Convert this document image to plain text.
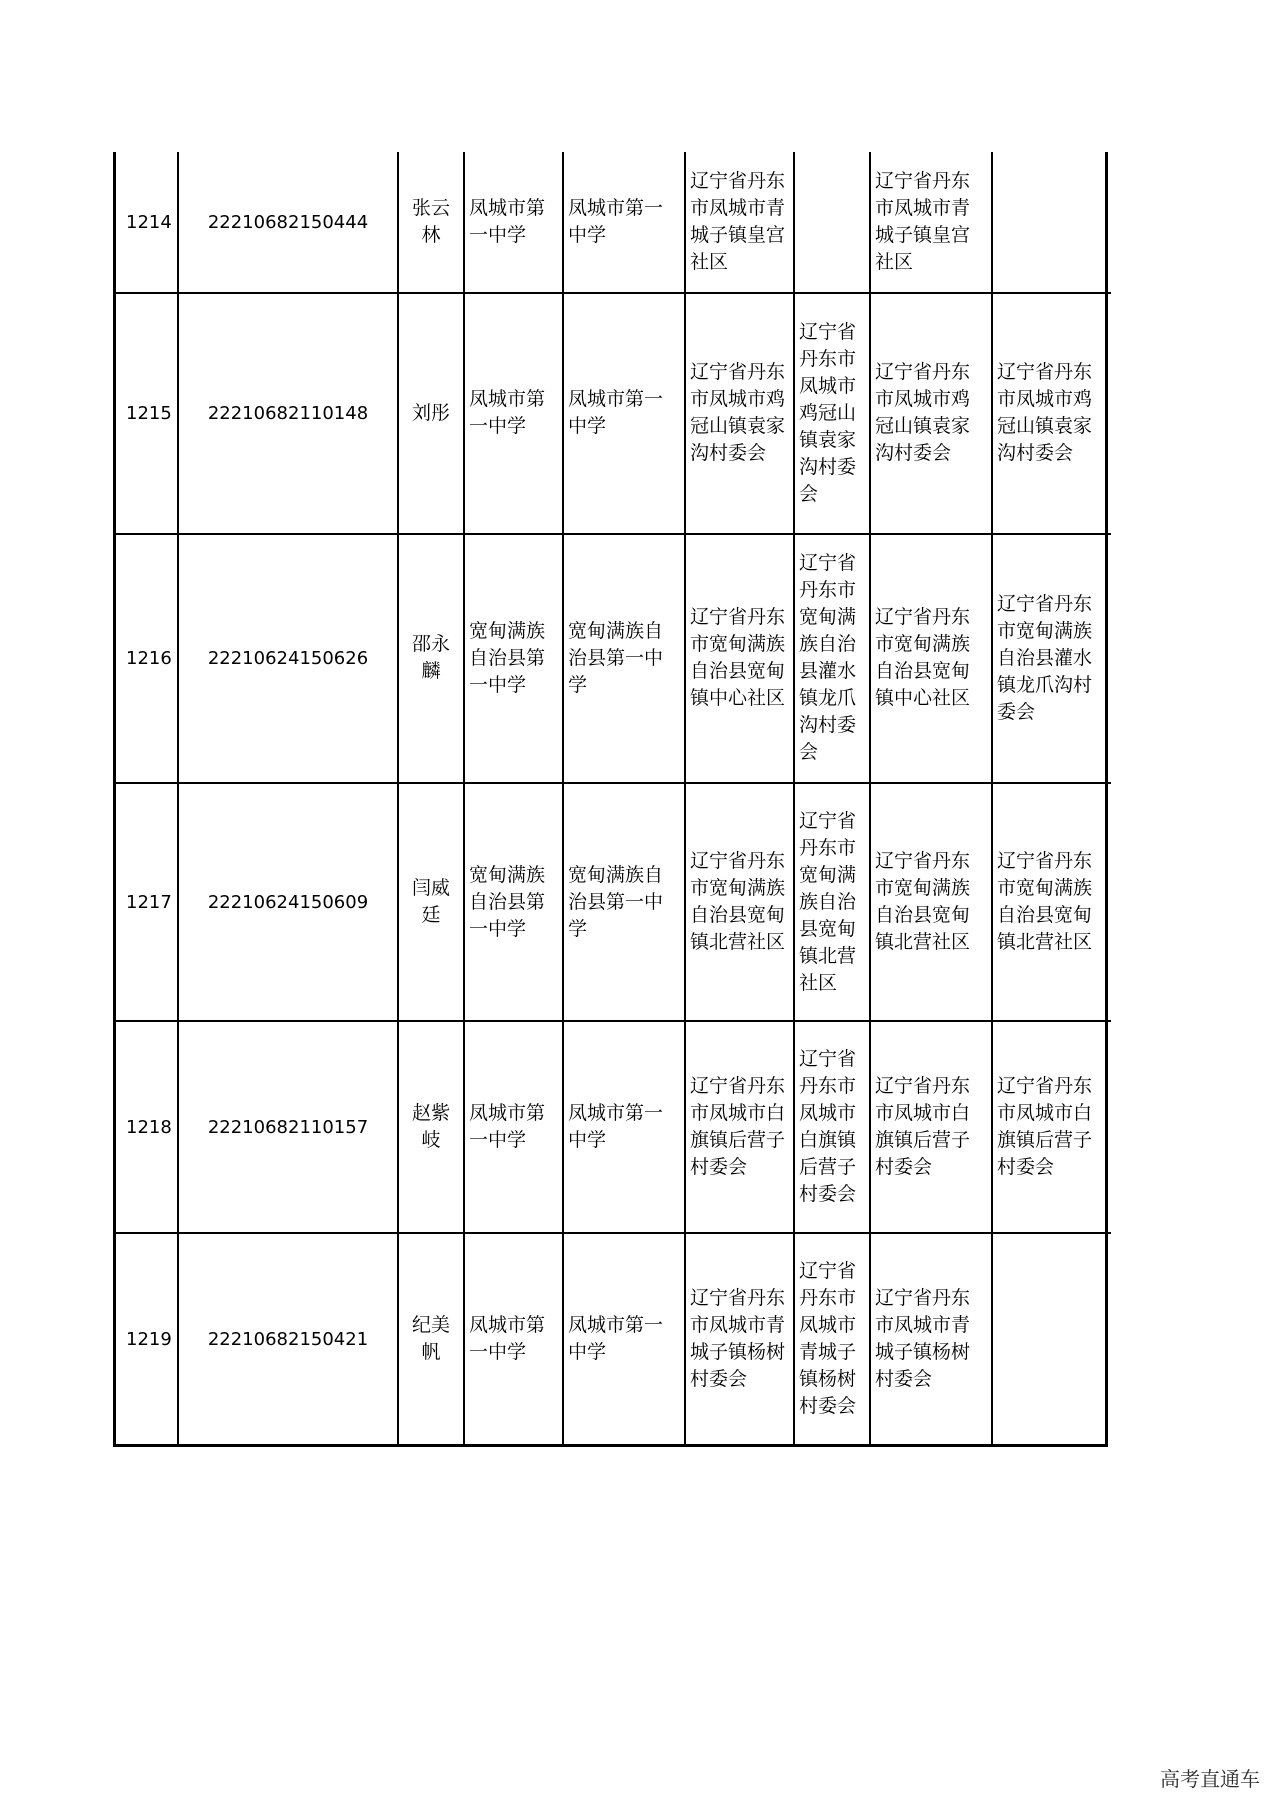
1214	22210682150444	张云林	凤城市第一中学	凤城市第一中学	辽宁省丹东市凤城市青城子镇皇宫社区		辽宁省丹东市凤城市青城子镇皇宫社区	
1215	22210682110148	刘彤	凤城市第一中学	凤城市第一中学	辽宁省丹东市凤城市鸡冠山镇袁家沟村委会	辽宁省丹东市凤城市鸡冠山镇袁家沟村委会	辽宁省丹东市凤城市鸡冠山镇袁家沟村委会	辽宁省丹东市凤城市鸡冠山镇袁家沟村委会
1216	22210624150626	邵永麟	宽甸满族自治县第一中学	宽甸满族自治县第一中学	辽宁省丹东市宽甸满族自治县宽甸镇中心社区	辽宁省丹东市宽甸满族自治县灌水镇龙爪沟村委会	辽宁省丹东市宽甸满族自治县宽甸镇中心社区	辽宁省丹东市宽甸满族自治县灌水镇龙爪沟村委会
1217	22210624150609	闫威廷	宽甸满族自治县第一中学	宽甸满族自治县第一中学	辽宁省丹东市宽甸满族自治县宽甸镇北营社区	辽宁省丹东市宽甸满族自治县宽甸镇北营社区	辽宁省丹东市宽甸满族自治县宽甸镇北营社区	辽宁省丹东市宽甸满族自治县宽甸镇北营社区
1218	22210682110157	赵紫岐	凤城市第一中学	凤城市第一中学	辽宁省丹东市凤城市白旗镇后营子村委会	辽宁省丹东市凤城市白旗镇后营子村委会	辽宁省丹东市凤城市白旗镇后营子村委会	辽宁省丹东市凤城市白旗镇后营子村委会
1219	22210682150421	纪美帆	凤城市第一中学	凤城市第一中学	辽宁省丹东市凤城市青城子镇杨树村委会	辽宁省丹东市凤城市青城子镇杨树村委会	辽宁省丹东市凤城市青城子镇杨树村委会	
高考直通车
